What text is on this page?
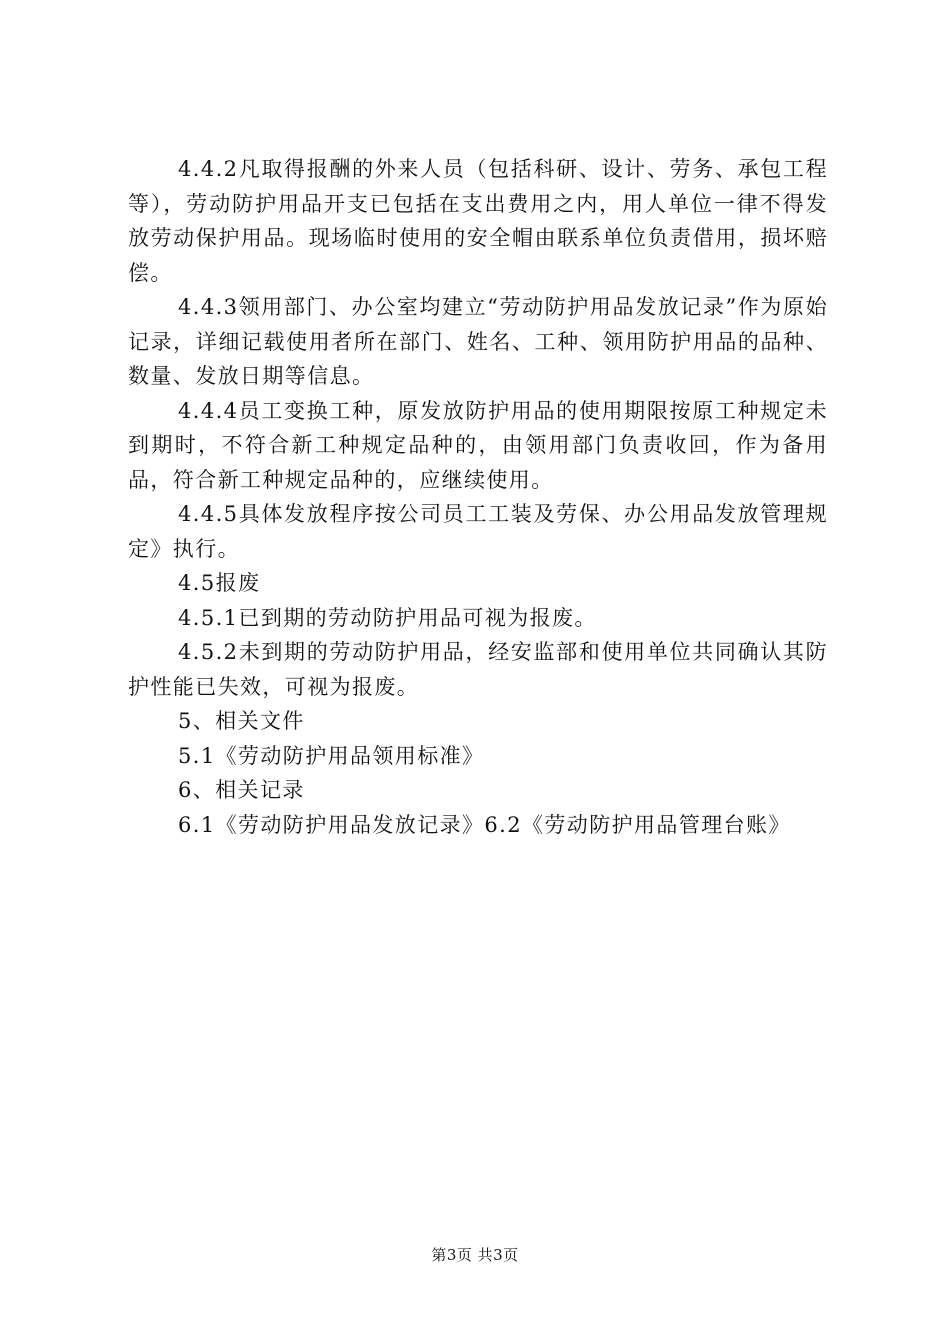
4.4.2凡取得报酬的外来人员（包括科研、设计、劳务、承包工程等），劳动防护用品开支已包括在支出费用之内，用人单位一律不得发放劳动保护用品。现场临时使用的安全帽由联系单位负责借用，损坏赔偿。

4.4.3领用部门、办公室均建立“劳动防护用品发放记录”作为原始记录，详细记载使用者所在部门、姓名、工种、领用防护用品的品种、数量、发放日期等信息。

4.4.4员工变换工种，原发放防护用品的使用期限按原工种规定未到期时，不符合新工种规定品种的，由领用部门负责收回，作为备用品，符合新工种规定品种的，应继续使用。

4.4.5具体发放程序按公司员工工装及劳保、办公用品发放管理规定》执行。

4.5报废

4.5.1已到期的劳动防护用品可视为报废。

4.5.2未到期的劳动防护用品，经安监部和使用单位共同确认其防护性能已失效，可视为报废。

5、相关文件

5.1《劳动防护用品领用标准》

6、相关记录

6.1《劳动防护用品发放记录》6.2《劳动防护用品管理台账》

第3页 共3页
